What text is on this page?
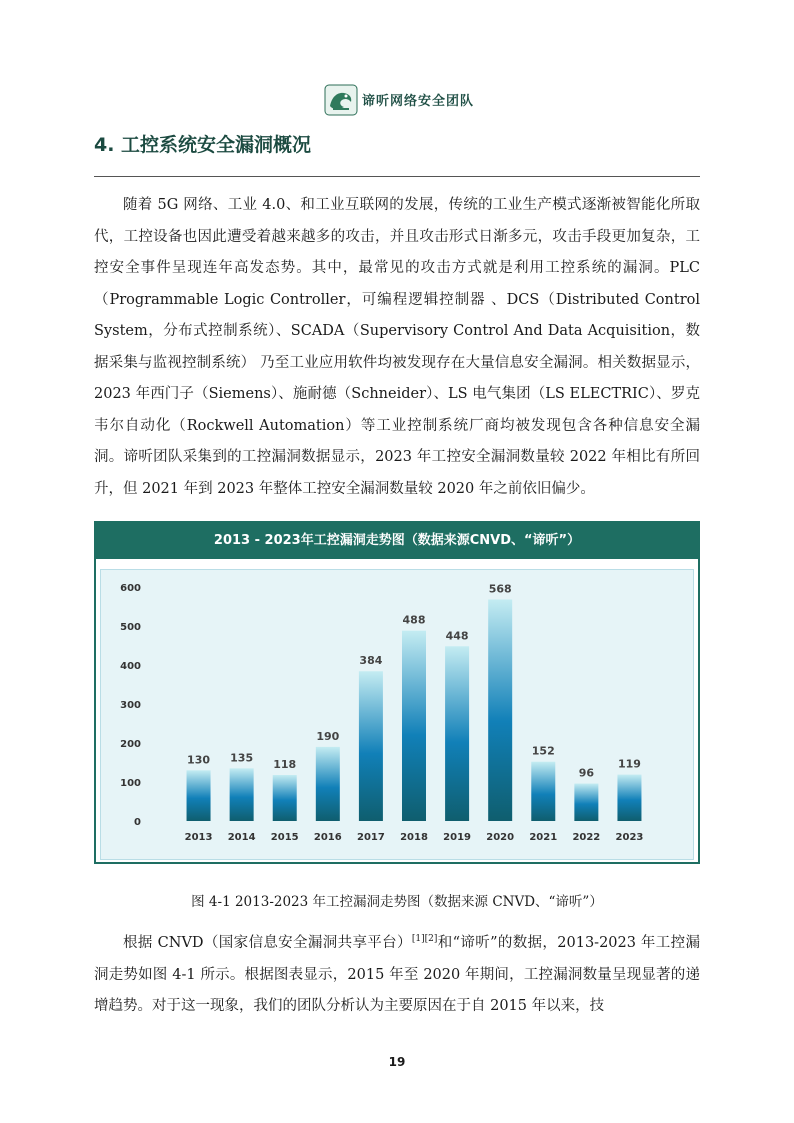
谛听网络安全团队
4. 工控系统安全漏洞概况

随着 5G 网络、工业 4.0、和工业互联网的发展，传统的工业生产模式逐渐被智能化所取代，工控设备也因此遭受着越来越多的攻击，并且攻击形式日渐多元，攻击手段更加复杂，工控安全事件呈现连年高发态势。其中，最常见的攻击方式就是利用工控系统的漏洞。PLC（Programmable Logic Controller，可编程逻辑控制器 、DCS（Distributed Control System，分布式控制系统）、SCADA（Supervisory Control And Data Acquisition，数据采集与监视控制系统） 乃至工业应用软件均被发现存在大量信息安全漏洞。相关数据显示，2023 年西门子（Siemens）、施耐德（Schneider）、LS 电气集团（LS ELECTRIC）、罗克韦尔自动化（Rockwell Automation）等工业控制系统厂商均被发现包含各种信息安全漏洞。谛听团队采集到的工控漏洞数据显示，2023 年工控安全漏洞数量较 2022 年相比有所回升，但 2021 年到 2023 年整体工控安全漏洞数量较 2020 年之前依旧偏少。

2013 - 2023年工控漏洞走势图（数据来源CNVD、“谛听”）
0
100
200
300
400
500
600
130 135
118
190
384
488
448
568
152
96
119
2013 2014 2015 2016 2017 2018 2019 2020 2021 2022 2023

图 4-1 2013-2023 年工控漏洞走势图（数据来源 CNVD、“谛听”）

根据 CNVD（国家信息安全漏洞共享平台）[1][2]和“谛听”的数据，2013-2023 年工控漏洞走势如图 4-1 所示。根据图表显示，2015 年至 2020 年期间，工控漏洞数量呈现显著的递增趋势。对于这一现象，我们的团队分析认为主要原因在于自 2015 年以来，技

19
